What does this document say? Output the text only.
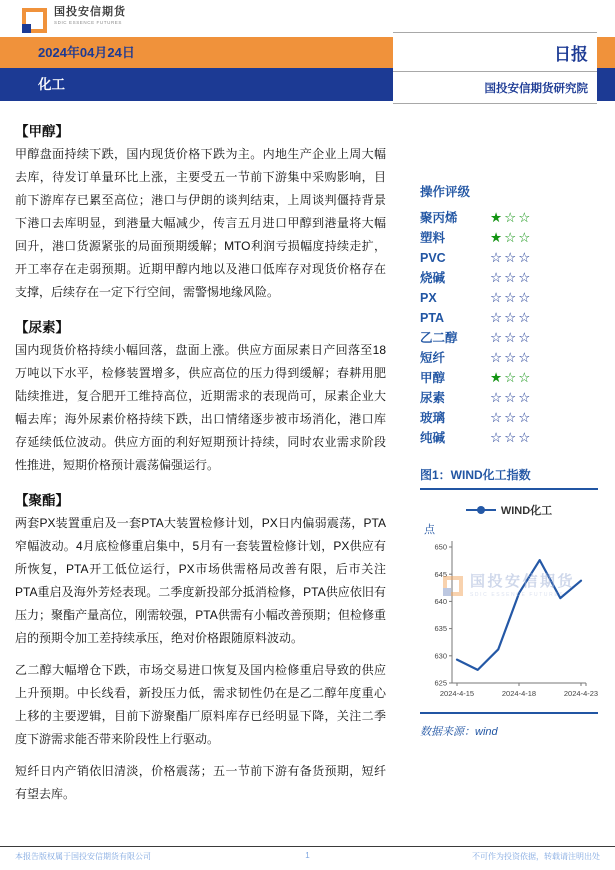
国投安信期货
SDIC ESSENCE FUTURES
2024年04月24日
化工
日报
国投安信期货研究院
【甲醇】
甲醇盘面持续下跌，国内现货价格下跌为主。内地生产企业上周大幅去库，待发订单量环比上涨，主要受五一节前下游集中采购影响，目前下游库存已累至高位；港口与伊朗的谈判结束，上周谈判僵持背景下港口去库明显，到港量大幅减少，传言五月进口甲醇到港量将大幅回升，港口货源紧张的局面预期缓解；MTO利润亏损幅度持续走扩，开工率存在走弱预期。近期甲醇内地以及港口低库存对现货价格存在支撑，后续存在一定下行空间，需警惕地缘风险。
【尿素】
国内现货价格持续小幅回落，盘面上涨。供应方面尿素日产回落至18万吨以下水平，检修装置增多，供应高位的压力得到缓解；春耕用肥陆续推进，复合肥开工维持高位，近期需求的表现尚可，尿素企业大幅去库；海外尿素价格持续下跌，出口情绪逐步被市场消化，港口库存延续低位波动。供应方面的利好短期预计持续，同时农业需求阶段性推进，短期价格预计震荡偏强运行。
【聚酯】
两套PX装置重启及一套PTA大装置检修计划，PX日内偏弱震荡，PTA窄幅波动。4月底检修重启集中，5月有一套装置检修计划，PX供应有所恢复，PTA开工低位运行，PX市场供需格局改善有限，后市关注PTA重启及海外芳烃表现。二季度新投部分抵消检修，PTA供应依旧有压力；聚酯产量高位，刚需较强，PTA供需有小幅改善预期；但检修重启的预期令加工差持续承压，绝对价格跟随原料波动。
乙二醇大幅增仓下跌，市场交易进口恢复及国内检修重启导致的供应上升预期。中长线看，新投压力低，需求韧性仍在是乙二醇年度重心上移的主要逻辑，目前下游聚酯厂原料库存已经明显下降，关注二季度下游需求能否带来阶段性上行驱动。
短纤日内产销依旧清淡，价格震荡；五一节前下游有备货预期，短纤有望去库。
操作评级
聚丙烯 ★☆☆
塑料	★☆☆
PVC	☆☆☆
烧碱	☆☆☆
PX	☆☆☆
PTA	☆☆☆
乙二醇 ☆☆☆
短纤	☆☆☆
甲醇	★☆☆
尿素	☆☆☆
玻璃	☆☆☆
纯碱	☆☆☆
图1：WIND化工指数
WIND化工
点
625
630
635
640
645
650
2024-4-15	2024-4-18	2024-4-23
国投安信期货
SDIC ESSENCE FUTURES
数据来源：wind
本报告版权属于国投安信期货有限公司	1	不可作为投资依据，转载请注明出处
